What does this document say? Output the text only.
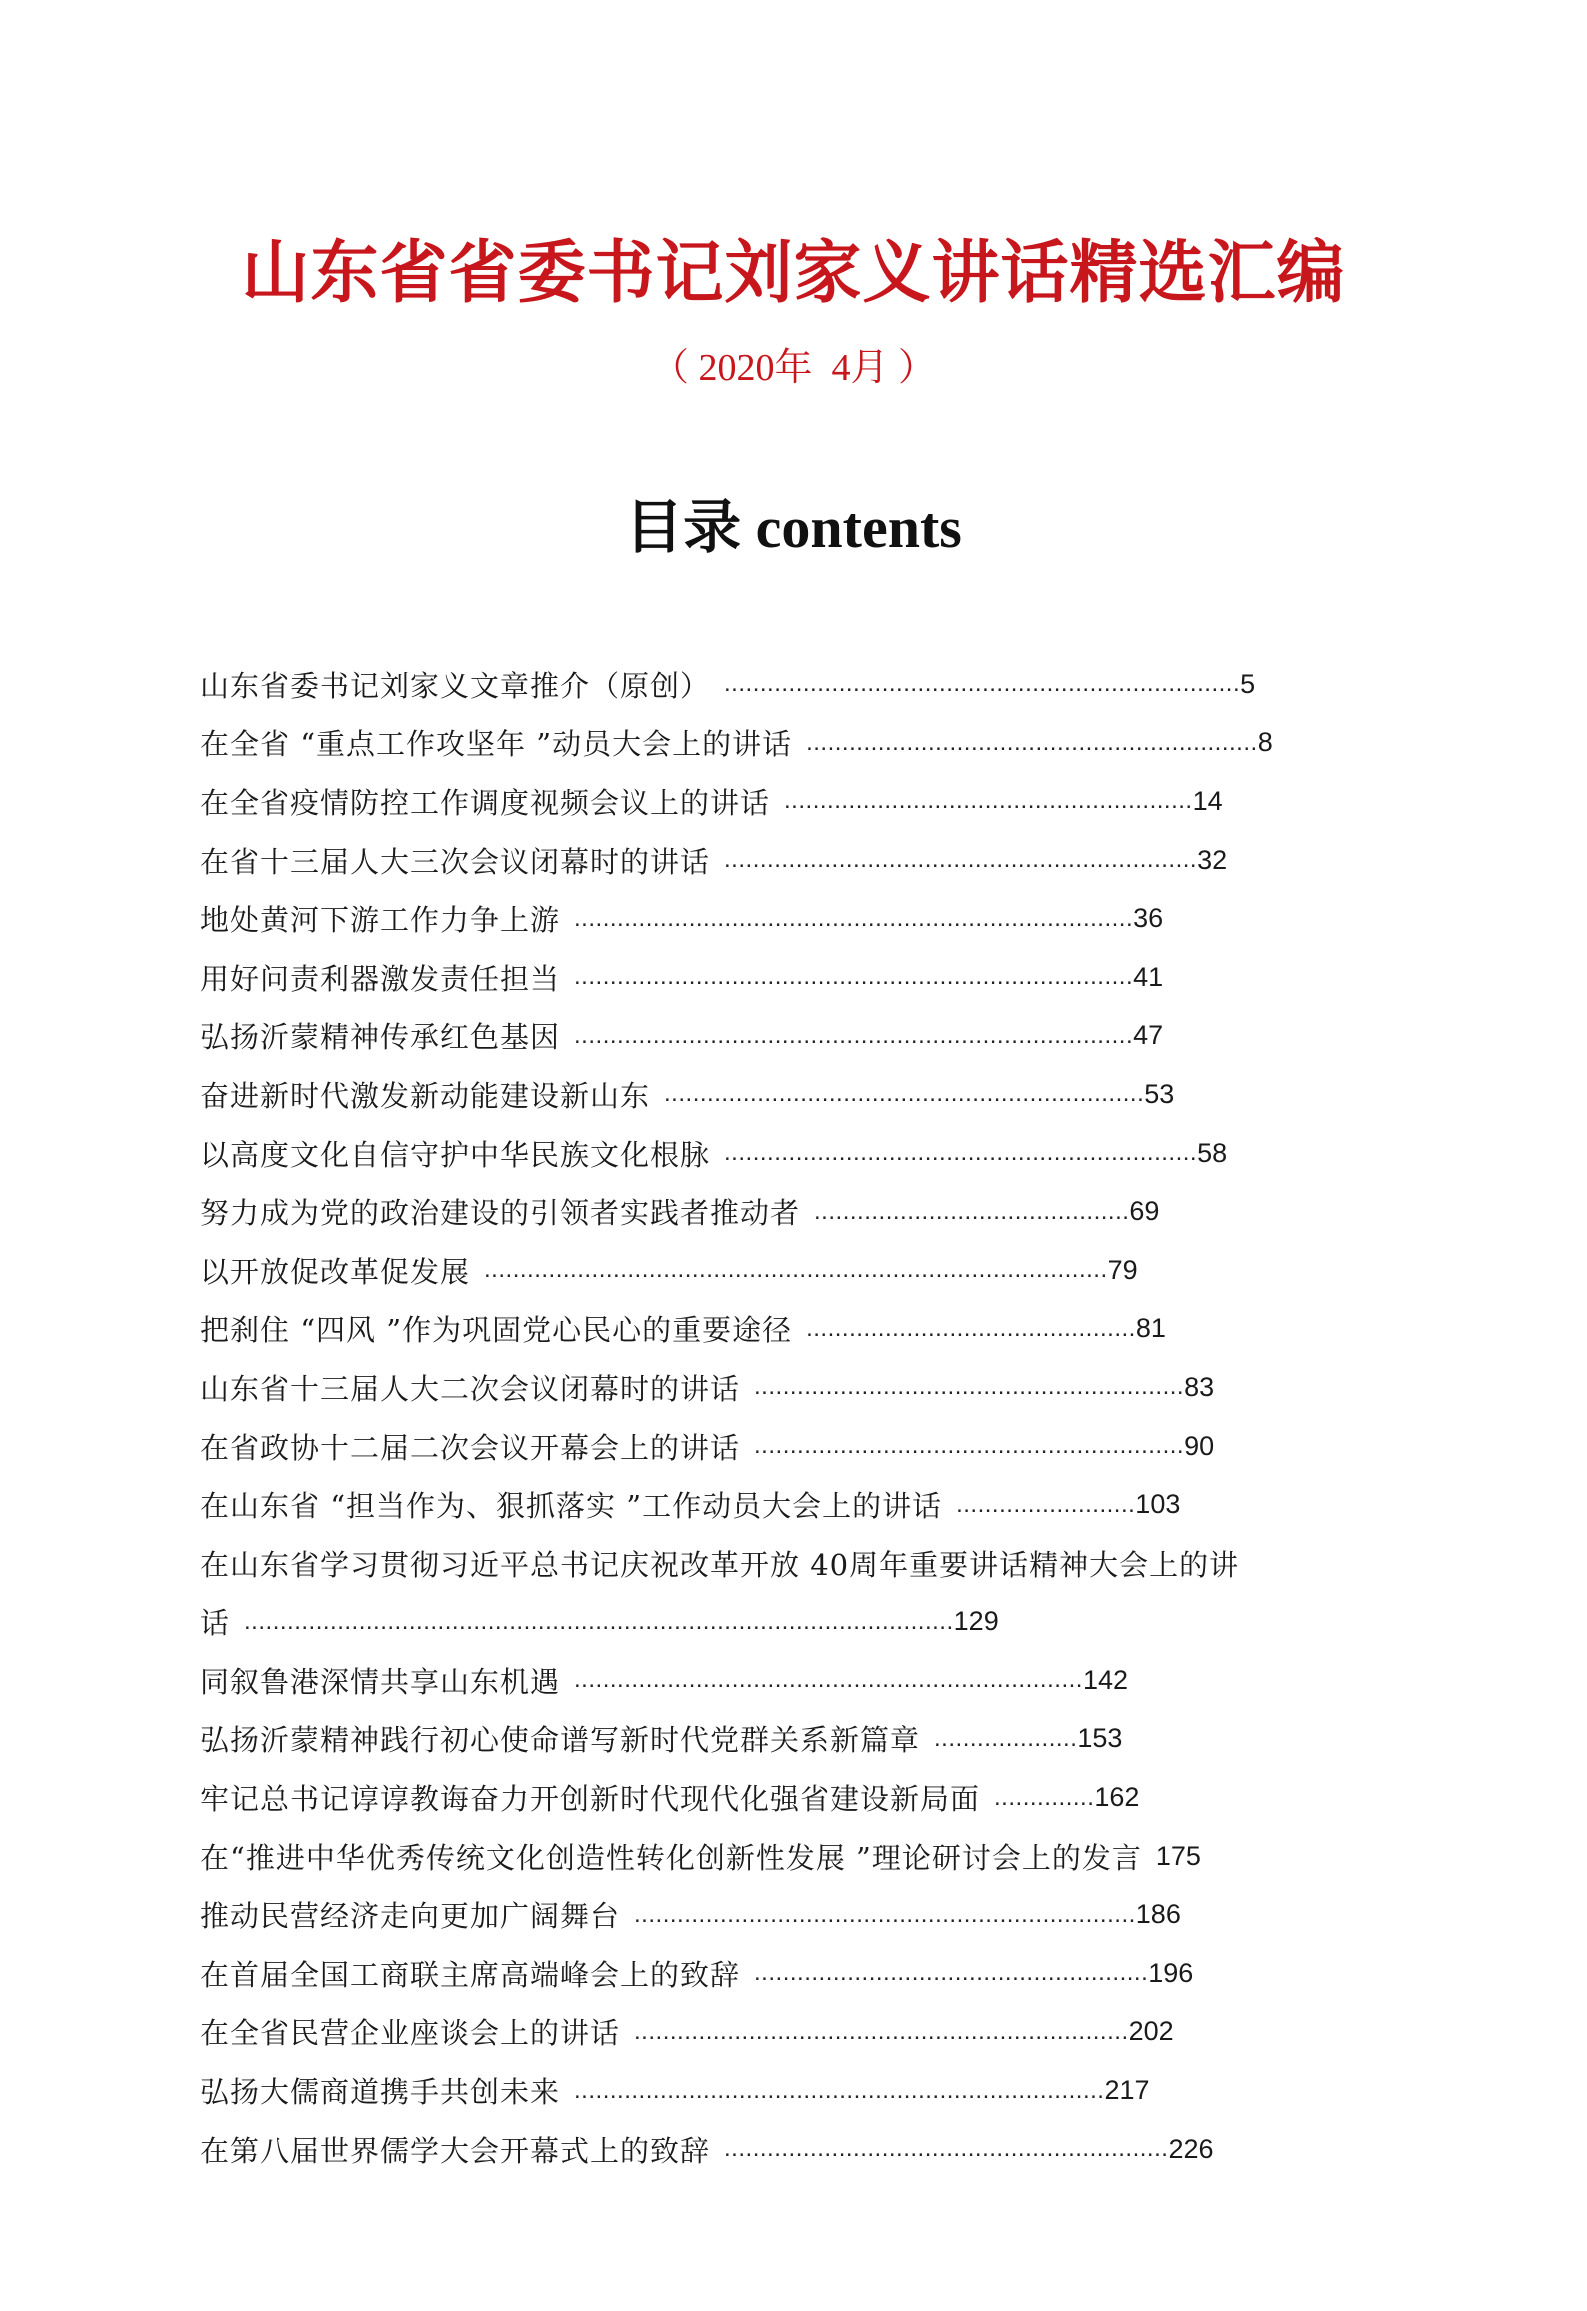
山东省省委书记刘家义讲话精选汇编
（ 2020年  4月 ）
目录 contents
山东省委书记刘家义文章推介（原创） ........................................................................ 5
在全省 “重点工作攻坚年 ”动员大会上的讲话 ............................................................... 8
在全省疫情防控工作调度视频会议上的讲话 ......................................................... 14
在省十三届人大三次会议闭幕时的讲话 .................................................................. 32
地处黄河下游工作力争上游 .............................................................................. 36
用好问责利器激发责任担当 .............................................................................. 41
弘扬沂蒙精神传承红色基因 .............................................................................. 47
奋进新时代激发新动能建设新山东 ................................................................... 53
以高度文化自信守护中华民族文化根脉 .................................................................. 58
努力成为党的政治建设的引领者实践者推动者 ............................................ 69
以开放促改革促发展 ....................................................................................... 79
把刹住 “四风 ”作为巩固党心民心的重要途径 .............................................. 81
山东省十三届人大二次会议闭幕时的讲话 ............................................................ 83
在省政协十二届二次会议开幕会上的讲话 ............................................................ 90
在山东省 “担当作为、狠抓落实 ”工作动员大会上的讲话 ......................... 103
在山东省学习贯彻习近平总书记庆祝改革开放 40周年重要讲话精神大会上的讲
话 ................................................................................................... 129
同叙鲁港深情共享山东机遇 ....................................................................... 142
弘扬沂蒙精神践行初心使命谱写新时代党群关系新篇章 .................... 153
牢记总书记谆谆教诲奋力开创新时代现代化强省建设新局面 .............. 162
在“推进中华优秀传统文化创造性转化创新性发展 ”理论研讨会上的发言 175
推动民营经济走向更加广阔舞台 ...................................................................... 186
在首届全国工商联主席高端峰会上的致辞 ....................................................... 196
在全省民营企业座谈会上的讲话 ..................................................................... 202
弘扬大儒商道携手共创未来 .......................................................................... 217
在第八届世界儒学大会开幕式上的致辞 .............................................................. 226
